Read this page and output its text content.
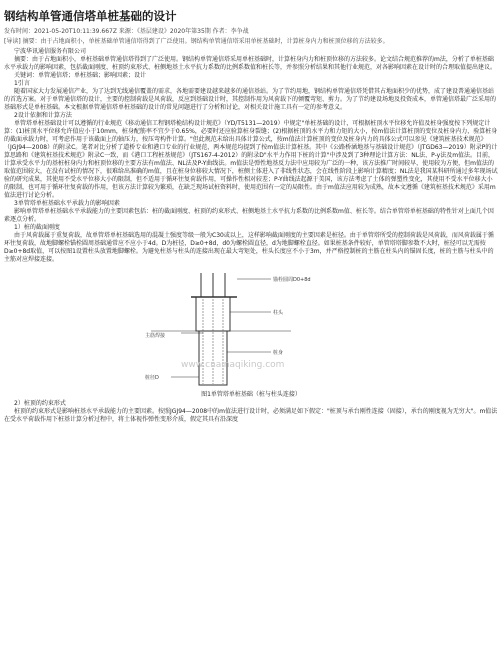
钢结构单管通信塔单桩基础的设计
发布时间：2021-05-20T10:11:39.667Z 来源：《基层建设》2020年第35期 作者：李争战
[导读] 摘要：由于占地面积小，单桩基础单管通信塔得到了广泛使用。钢结构单管通信塔采用单桩基础时，计算桩身内力和桩顶位移的方法较多。

宁波华讯通信服务有限公司

摘要：由于占地面积小，单桩基础单管通信塔得到了广泛使用。钢结构单管通信塔采用单桩基础时，计算桩身内力和桩顶位移的方法较多。论文结合规范推荐的m法，分析了单桩基础水平承载力的影响因素，包括截面刚度、桩顶约束形式、桩侧地基土水平抗力系数的比例系数值和桩长等，并参照分析结果和其他行业规范，对各影响因素在设计时的合理取值提出建议。

关键词：单管通信塔；单桩基础；影响因素；设计

1引言

随着国家大力发展通信产业，为了达到无线通信覆盖的需求，各地需要建设越来越多的通信基站。为了节约用地，钢结构单管通信塔凭借其占地面积少的优势，成了建设普通通信基站的首选方案。对于单管通信塔的设计，主要的控制荷载是风荷载，反应到基础设计时，其控制作用为风荷载下的倾覆弯矩、剪力。为了节约建设场地及投资成本，单管通信塔最广泛采用的基础形式是单桩基础。本文根据单管通信塔单桩基础的设计的常见问题进行了分析和讨论，对相关设计施工具有一定的参考意义。

2设计依据和计算方法

单管塔单桩基础设计可以遵循的行业规范《移动通信工程钢塔桅结构设计规范》（YD/T5131—2019）中规定"单桩基础的设计，可根据桩顶水平位移允许值及桩身强度按下列规定计算：(1)桩顶水平位移允许值应小于10mm，桩身配筋率不宜少于0.65%，必要时还应验算桩身裂缝；(2)根据桩顶的水平力和力矩的大小，按m值法计算桩顶的变位及桩身内力，验算桩身的截面承载力时，可考虑作用于该截面上的轴压力，按压弯构件计算。"但此规范未给出具体计算公式，按m值法计算桩顶的变位及桩身内力的具体公式可以参见《建筑桩基技术规范》（JGJ94—2008）的附录C。笔者对比分析了道桥专业和港口专业的行业规范，两本规范均提到了按m值法计算桩基。其中《公路桥涵地基与基础设计规范》（JTGD63—2019）附录P的计算思路和《建筑桩基技术规范》附录C一致，而《港口工程桩基规范》（JTS167-4-2012）的附录D"水平力作用下桩的计算"中涉及到了3种理论计算方法：NL法、P-y法及m值法。目前，计算承受水平力的基桩桩身内力和桩顶位移的主要方法有m值法、NL法及P-Y曲线法。m值法是弹性地基反力法中应用较为广泛的一种，该方法推广时间较早，使用较为方便，但m值法的取值范围较大，在没有试桩的情况下，很难给出准确的m值，且在桩身位移较大情况下，桩侧土体进入了非线性状态，会在线性阶段上影响计算精度；NL法是我国某科研所通过多年现场试验的研究成果，其使用不受水平位移大小的限制，但不适用于循环往复荷载作用，可操作性相对较差；P-Y曲线法起源于美国，该方法考虑了土体的弹塑性变化，其使用不受水平位移大小的限制，也可用于循环往复荷载的作用，但该方法计算较为繁琐，在缺乏现场试桩资料时，使用范围有一定的局限性。由于m值法应用较为成熟，故本文遵循《建筑桩基技术规范》采用m值法进行讨论分析。

3单管塔单桩基础水平承载力的影响因素

影响单管塔单桩基础水平承载能力的主要因素包括：桩的截面刚度、桩顶的约束形式、桩侧地基土水平抗力系数的比例系数m值、桩长等。结合单管塔单桩基础的特性针对上面几个因素逐点分析。

1）桩的截面刚度

由于风荷载属于重复荷载，故单管塔单桩基础选用的混凝土强度等级一般为C30或以上，这样影响截面刚度的主要因素是桩径。由于单管塔所受的控制荷载是风荷载，而风荷载属于循环往复荷载，故地脚螺栓锚栓圆周基础通常应不应小于4d。D为桩径，D≥0+8d，d0为螺栓圆直径，d为地脚螺栓直径。如果桩基条件较好，单管塔塔脚参数不大时，桩径可以无需按D≥0+8d取值，可以按图1设置柱头放置地脚螺栓。为避免柱基与柱头的连接出现在最大弯矩处，柱头长度应不小于3m，并严格控制桩的主筋在柱头内的锚固长度，桩的主筋与柱头中的主筋对应焊接连接。

锚栓圆周D0+8d
柱头
桩身
主筋焊接
桩径D
www.cnainaqiking.com
图1单管塔单桩基础（桩与柱头连接）

2）桩顶的约束形式

桩顶的约束形式是影响桩基水平承载能力的主要因素。按照JGJ94—2008中的m值法进行设计时，必须满足如下假定："桩顶与承台刚性连接（固接），承台的刚度视为无穷大"。m值法在受水平荷载作用下桩基计算分析过程中，将土体视作弹性变形介质，假定其具有沿深度
